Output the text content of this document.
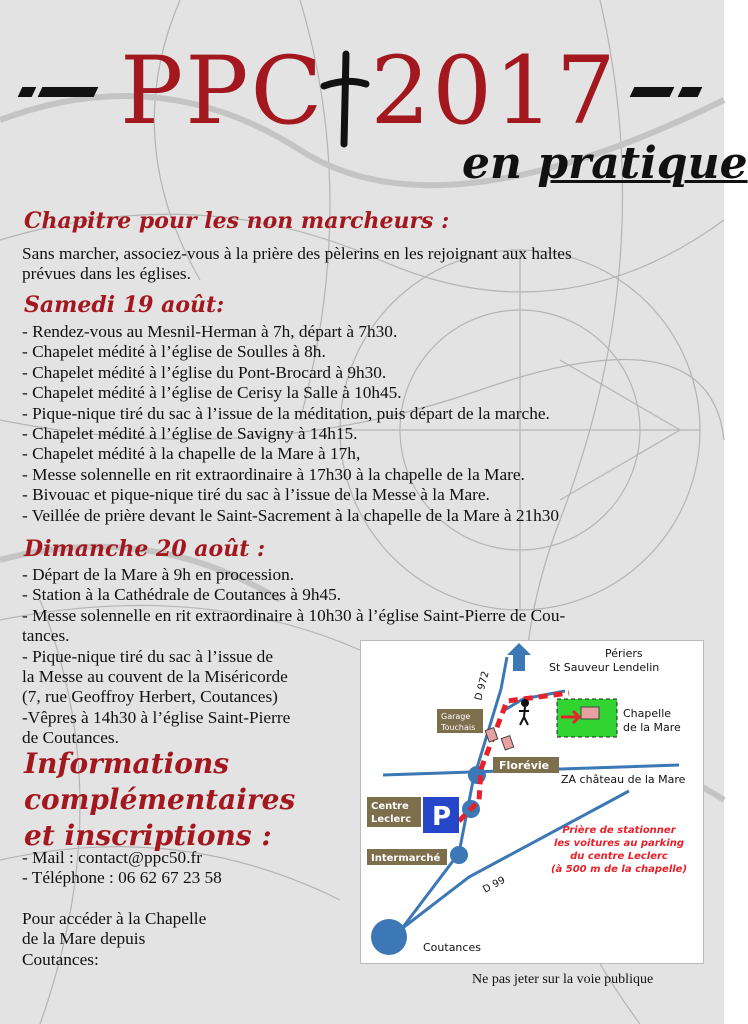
PPC 2017
en pratique
Chapitre pour les non marcheurs :
Sans marcher, associez-vous à la prière des pèlerins en les rejoignant aux haltes
prévues dans les églises.
Samedi 19 août:
- Rendez-vous au Mesnil-Herman à 7h, départ à 7h30.
- Chapelet médité à l’église de Soulles à 8h.
- Chapelet médité à l’église du Pont-Brocard à 9h30.
- Chapelet médité à l’église de Cerisy la Salle à 10h45.
- Pique-nique tiré du sac à l’issue de la méditation, puis départ de la marche.
- Chapelet médité à l’église de Savigny à 14h15.
- Chapelet médité à la chapelle de la Mare à 17h,
- Messe solennelle en rit extraordinaire à 17h30 à la chapelle de la Mare.
- Bivouac et pique-nique tiré du sac à l’issue de la Messe à la Mare.
- Veillée de prière devant le Saint-Sacrement à la chapelle de la Mare à 21h30
Dimanche 20 août :
- Départ de la Mare à 9h en procession.
- Station à la Cathédrale de Coutances à 9h45.
- Messe solennelle en rit extraordinaire à 10h30 à l’église Saint-Pierre de Cou-
tances.
- Pique-nique tiré du sac à l’issue de
la Messe au couvent de la Miséricorde
(7, rue Geoffroy Herbert, Coutances)
-Vêpres à 14h30 à l’église Saint-Pierre
de Coutances.
Informations
complémentaires
et inscriptions :
- Mail : contact@ppc50.fr
- Téléphone : 06 62 67 23 58
Pour accéder à la Chapelle
de la Mare depuis
Coutances:
Garage
Touchais
Florévie
Centre
Leclerc P
Intermarché
Périers
St Sauveur Lendelin
D 972
Chapelle
de la Mare
ZA château de la Mare
D 99
Coutances
Prière de stationner
les voitures au parking
du centre Leclerc
(à 500 m de la chapelle)
Ne pas jeter sur la voie publique
